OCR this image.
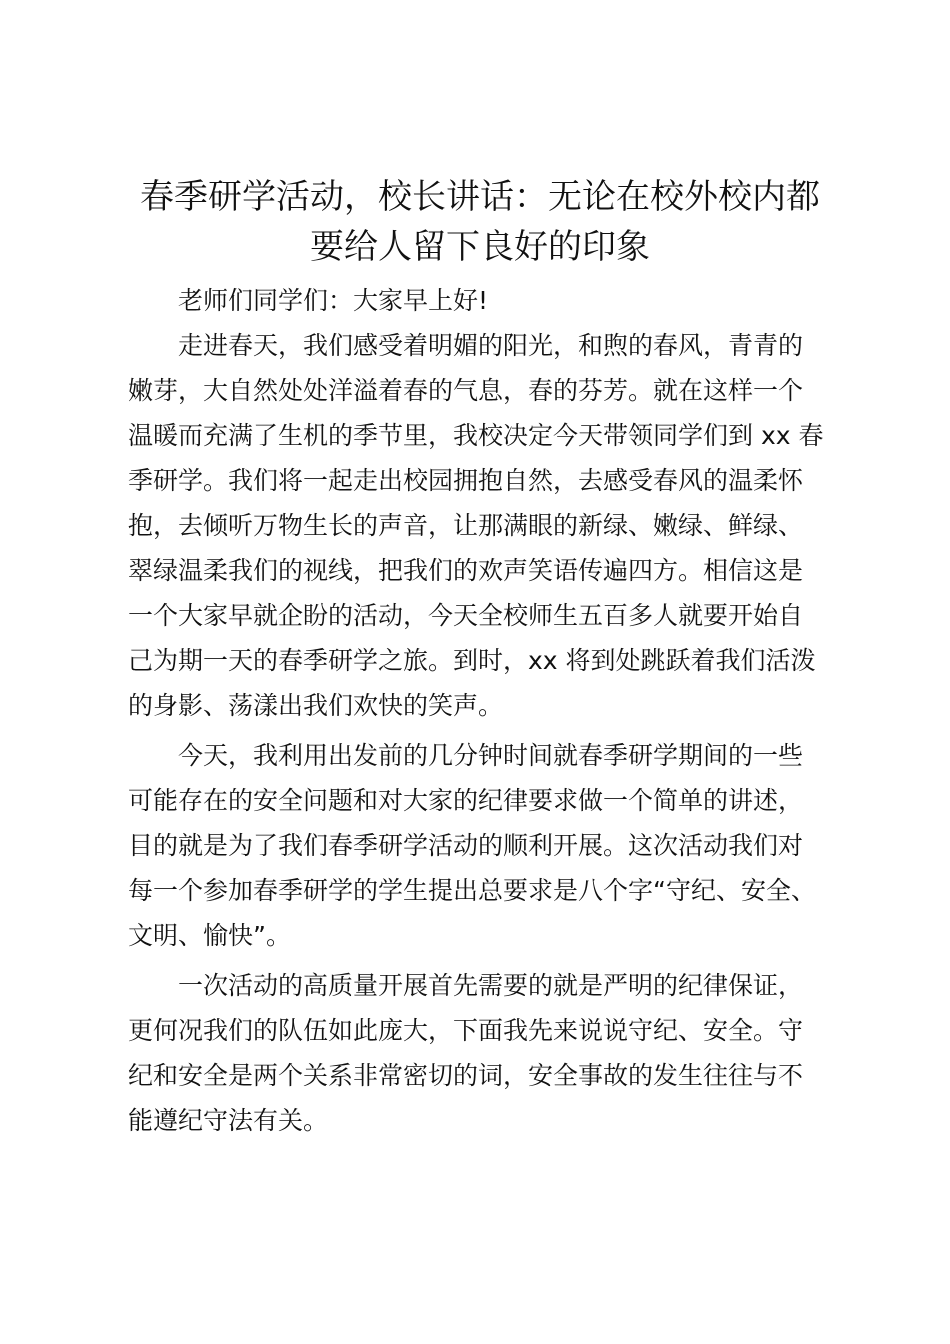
春季研学活动，校长讲话：无论在校外校内都
要给人留下良好的印象

老师们同学们：大家早上好!

走进春天，我们感受着明媚的阳光，和煦的春风，青青的
嫩芽，大自然处处洋溢着春的气息，春的芬芳。就在这样一个
温暖而充满了生机的季节里，我校决定今天带领同学们到 xx 春
季研学。我们将一起走出校园拥抱自然，去感受春风的温柔怀
抱，去倾听万物生长的声音，让那满眼的新绿、嫩绿、鲜绿、
翠绿温柔我们的视线，把我们的欢声笑语传遍四方。相信这是
一个大家早就企盼的活动，今天全校师生五百多人就要开始自
己为期一天的春季研学之旅。到时，xx 将到处跳跃着我们活泼
的身影、荡漾出我们欢快的笑声。

今天，我利用出发前的几分钟时间就春季研学期间的一些
可能存在的安全问题和对大家的纪律要求做一个简单的讲述，
目的就是为了我们春季研学活动的顺利开展。这次活动我们对
每一个参加春季研学的学生提出总要求是八个字“守纪、安全、
文明、愉快”。

一次活动的高质量开展首先需要的就是严明的纪律保证，
更何况我们的队伍如此庞大，下面我先来说说守纪、安全。守
纪和安全是两个关系非常密切的词，安全事故的发生往往与不
能遵纪守法有关。
